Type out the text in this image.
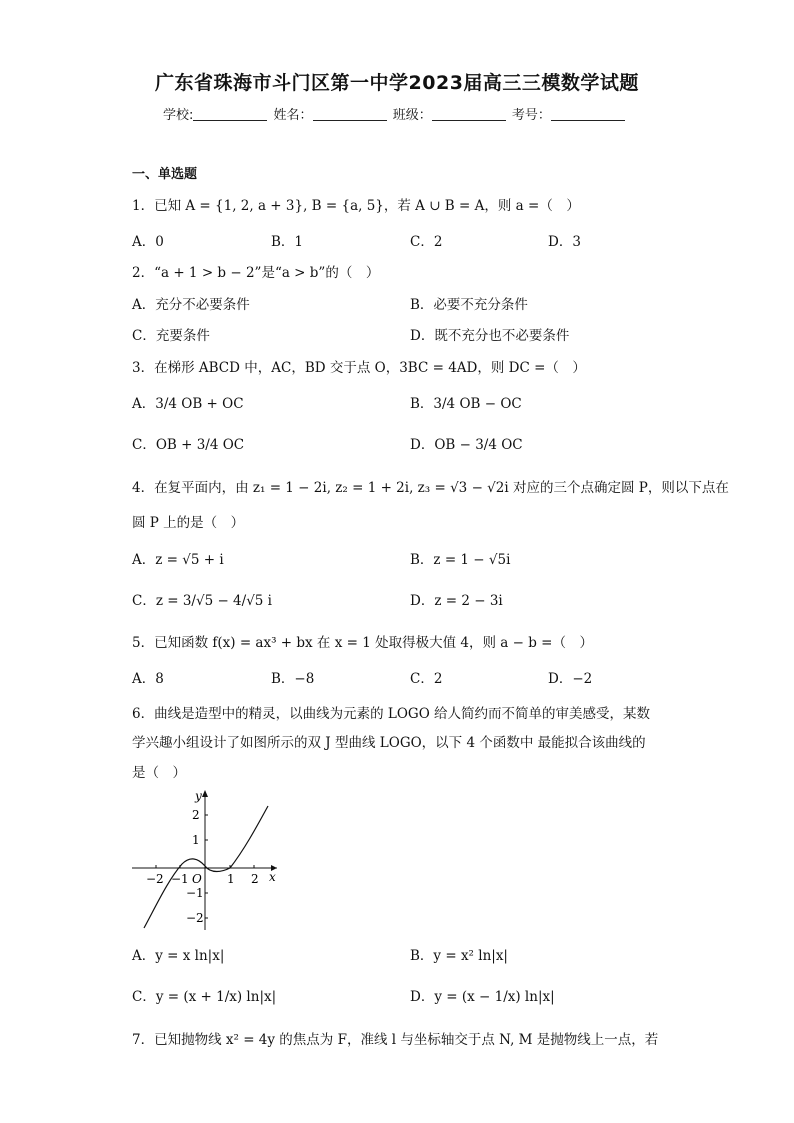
广东省珠海市斗门区第一中学2023届高三三模数学试题
学校:	姓名：	班级：	考号：
一、单选题
1．已知 A = {1, 2, a + 3}, B = {a, 5}，若 A ∪ B = A，则 a =（　）
A．0	B．1	C．2	D．3
2．“a + 1 > b − 2”是“a > b”的（　）
A．充分不必要条件	B．必要不充分条件
C．充要条件	D．既不充分也不必要条件
3．在梯形 ABCD 中，AC，BD 交于点 O，3BC = 4AD，则 DC =（　）
A．3/4 OB + OC	B．3/4 OB − OC
C．OB + 3/4 OC	D．OB − 3/4 OC
4．在复平面内，由 z₁ = 1 − 2i, z₂ = 1 + 2i, z₃ = √3 − √2i 对应的三个点确定圆 P，则以下点在
圆 P 上的是（　）
A．z = √5 + i	B．z = 1 − √5i
C．z = 3/√5 − 4/√5 i	D．z = 2 − 3i
5．已知函数 f(x) = ax³ + bx 在 x = 1 处取得极大值 4，则 a − b =（　）
A．8	B．−8	C．2	D．−2
6．曲线是造型中的精灵，以曲线为元素的 LOGO 给人简约而不简单的审美感受，某数
学兴趣小组设计了如图所示的双 J 型曲线 LOGO，以下 4 个函数中 最能拟合该曲线的
是（　）
−2 −1	1 2
2
1
−1
−2
O	x
y
A．y = x ln|x|	B．y = x² ln|x|
C．y = (x + 1/x) ln|x|	D．y = (x − 1/x) ln|x|
7．已知抛物线 x² = 4y 的焦点为 F，准线 l 与坐标轴交于点 N, M 是抛物线上一点，若
